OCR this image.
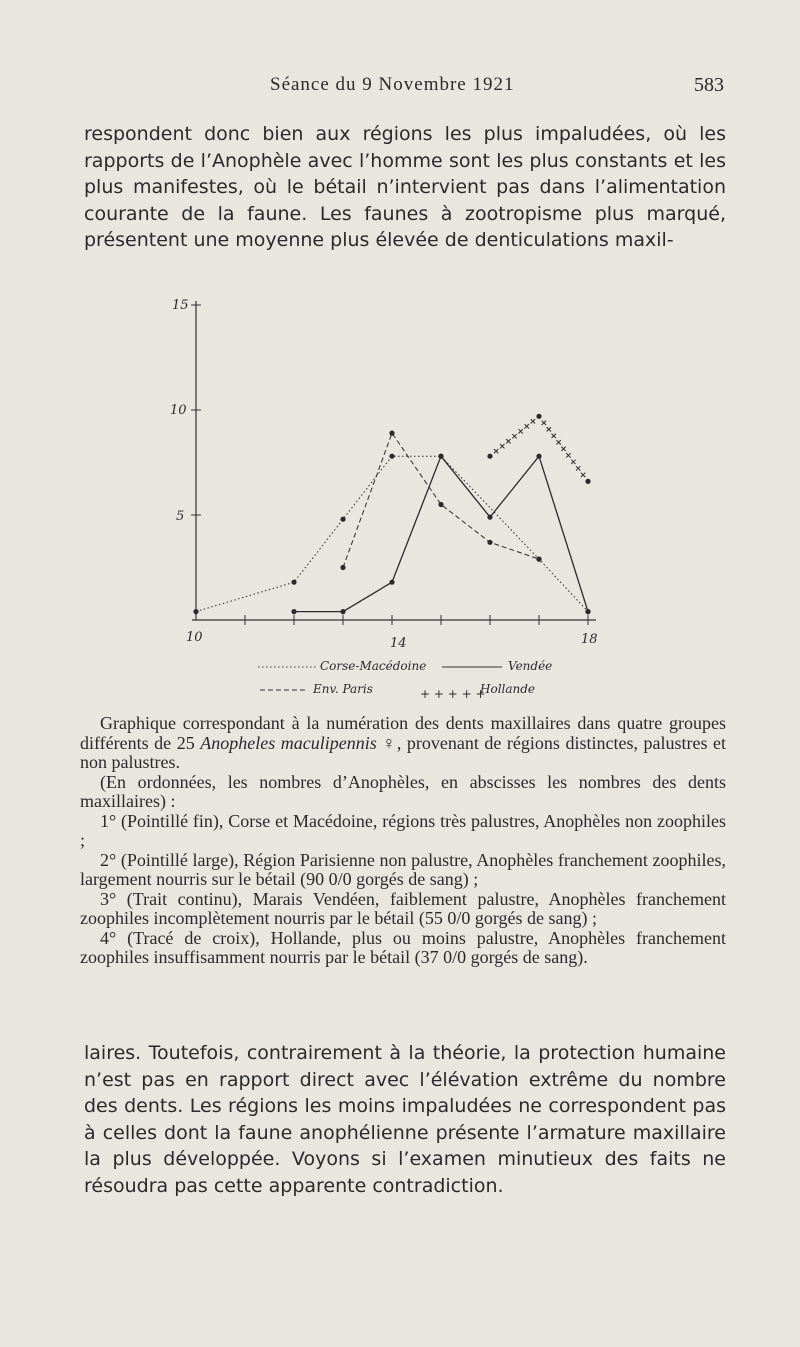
Séance du 9 Novembre 1921	583

respondent donc bien aux régions les plus impaludées, où les rapports de l’Anophèle avec l’homme sont les plus constants et les plus manifestes, où le bétail n’intervient pas dans l’alimentation courante de la faune. Les faunes à zootropisme plus marqué, présentent une moyenne plus élevée de denticulations maxil-

5
10
15
10	14	18
Corse-Macédoine	Vendée
Env. Paris	+ + + + +
Hollande

Graphique correspondant à la numération des dents maxillaires dans quatre groupes différents de 25 Anopheles maculipennis ♀, provenant de régions distinctes, palustres et non palustres.

(En ordonnées, les nombres d’Anophèles, en abscisses les nombres des dents maxillaires) :

1° (Pointillé fin), Corse et Macédoine, régions très palustres, Anophèles non zoophiles ;

2° (Pointillé large), Région Parisienne non palustre, Anophèles franchement zoophiles, largement nourris sur le bétail (90 0/0 gorgés de sang) ;

3° (Trait continu), Marais Vendéen, faiblement palustre, Anophèles franchement zoophiles incomplètement nourris par le bétail (55 0/0 gorgés de sang) ;

4° (Tracé de croix), Hollande, plus ou moins palustre, Anophèles franchement zoophiles insuffisamment nourris par le bétail (37 0/0 gorgés de sang).

laires. Toutefois, contrairement à la théorie, la protection humaine n’est pas en rapport direct avec l’élévation extrême du nombre des dents. Les régions les moins impaludées ne correspondent pas à celles dont la faune anophélienne présente l’armature maxillaire la plus développée. Voyons si l’examen minutieux des faits ne résoudra pas cette apparente contradiction.
